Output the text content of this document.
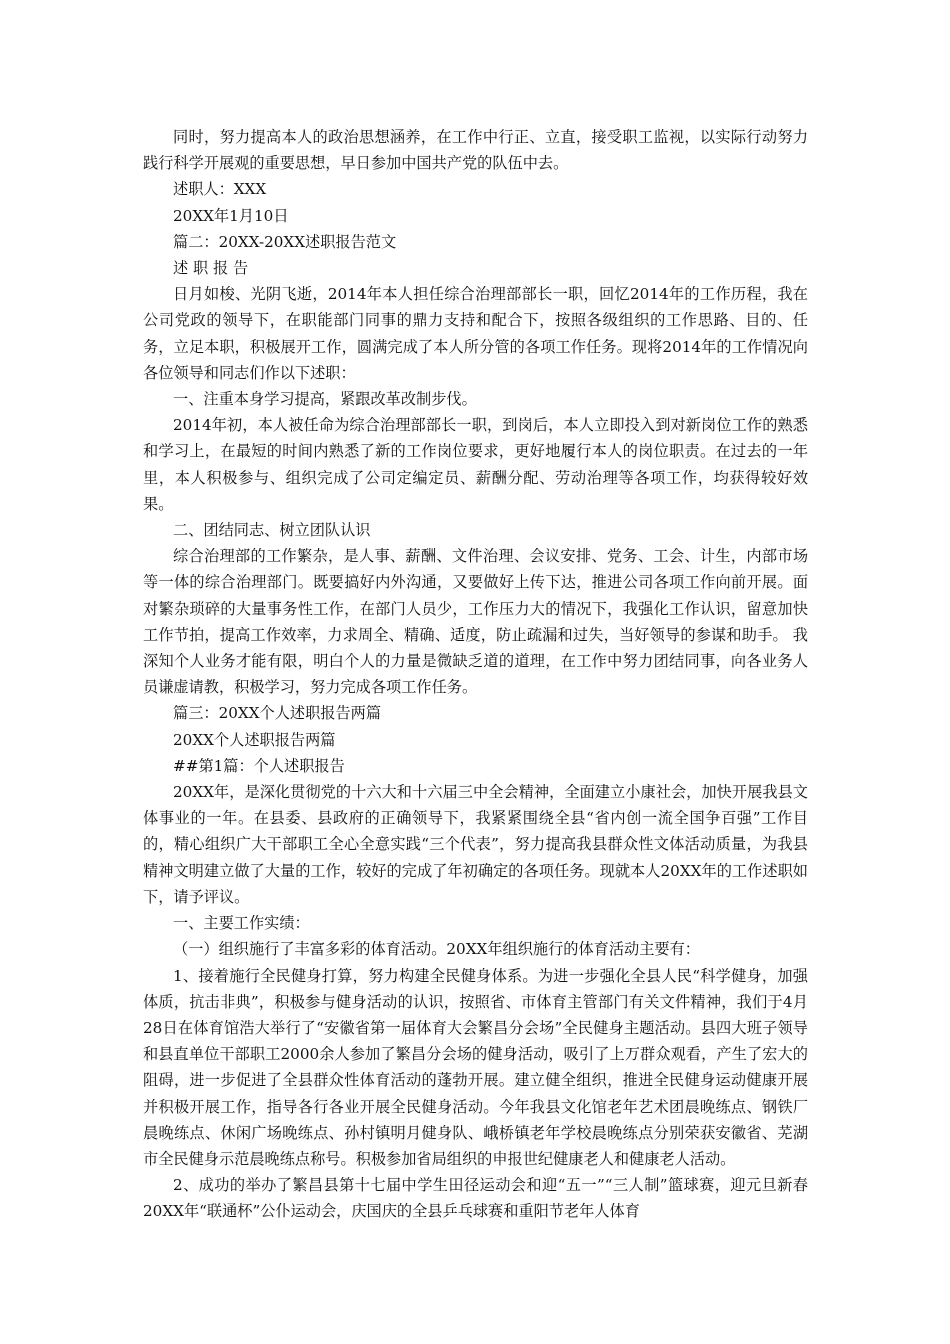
同时，努力提高本人的政治思想涵养，在工作中行正、立直，接受职工监视，以实际行动努力践行科学开展观的重要思想，早日参加中国共产党的队伍中去。

述职人：XXX

20XX年1月10日

篇二：20XX-20XX述职报告范文

述 职 报 告

日月如梭、光阴飞逝，2014年本人担任综合治理部部长一职，回忆2014年的工作历程，我在公司党政的领导下，在职能部门同事的鼎力支持和配合下，按照各级组织的工作思路、目的、任务，立足本职，积极展开工作，圆满完成了本人所分管的各项工作任务。现将2014年的工作情况向各位领导和同志们作以下述职：

一、注重本身学习提高，紧跟改革改制步伐。

2014年初，本人被任命为综合治理部部长一职，到岗后，本人立即投入到对新岗位工作的熟悉和学习上，在最短的时间内熟悉了新的工作岗位要求，更好地履行本人的岗位职责。在过去的一年里，本人积极参与、组织完成了公司定编定员、薪酬分配、劳动治理等各项工作，均获得较好效果。

二、团结同志、树立团队认识

综合治理部的工作繁杂，是人事、薪酬、文件治理、会议安排、党务、工会、计生，内部市场等一体的综合治理部门。既要搞好内外沟通，又要做好上传下达，推进公司各项工作向前开展。面对繁杂琐碎的大量事务性工作，在部门人员少，工作压力大的情况下，我强化工作认识，留意加快工作节拍，提高工作效率，力求周全、精确、适度，防止疏漏和过失，当好领导的参谋和助手。 我深知个人业务才能有限，明白个人的力量是微缺乏道的道理，在工作中努力团结同事，向各业务人员谦虚请教，积极学习，努力完成各项工作任务。

篇三：20XX个人述职报告两篇

20XX个人述职报告两篇

##第1篇：个人述职报告

20XX年，是深化贯彻党的十六大和十六届三中全会精神，全面建立小康社会，加快开展我县文体事业的一年。在县委、县政府的正确领导下，我紧紧围绕全县“省内创一流全国争百强”工作目的，精心组织广大干部职工全心全意实践“三个代表”，努力提高我县群众性文体活动质量，为我县精神文明建立做了大量的工作，较好的完成了年初确定的各项任务。现就本人20XX年的工作述职如下，请予评议。

一、主要工作实绩：

（一）组织施行了丰富多彩的体育活动。20XX年组织施行的体育活动主要有：

1、接着施行全民健身打算，努力构建全民健身体系。为进一步强化全县人民“科学健身，加强体质，抗击非典”，积极参与健身活动的认识，按照省、市体育主管部门有关文件精神，我们于4月28日在体育馆浩大举行了“安徽省第一届体育大会繁昌分会场”全民健身主题活动。县四大班子领导和县直单位干部职工2000余人参加了繁昌分会场的健身活动，吸引了上万群众观看，产生了宏大的阻碍，进一步促进了全县群众性体育活动的蓬勃开展。建立健全组织，推进全民健身运动健康开展并积极开展工作，指导各行各业开展全民健身活动。今年我县文化馆老年艺术团晨晚练点、钢铁厂晨晚练点、休闲广场晚练点、孙村镇明月健身队、峨桥镇老年学校晨晚练点分别荣获安徽省、芜湖市全民健身示范晨晚练点称号。积极参加省局组织的申报世纪健康老人和健康老人活动。

2、成功的举办了繁昌县第十七届中学生田径运动会和迎“五一”“三人制”篮球赛，迎元旦新春20XX年“联通杯”公仆运动会，庆国庆的全县乒乓球赛和重阳节老年人体育
